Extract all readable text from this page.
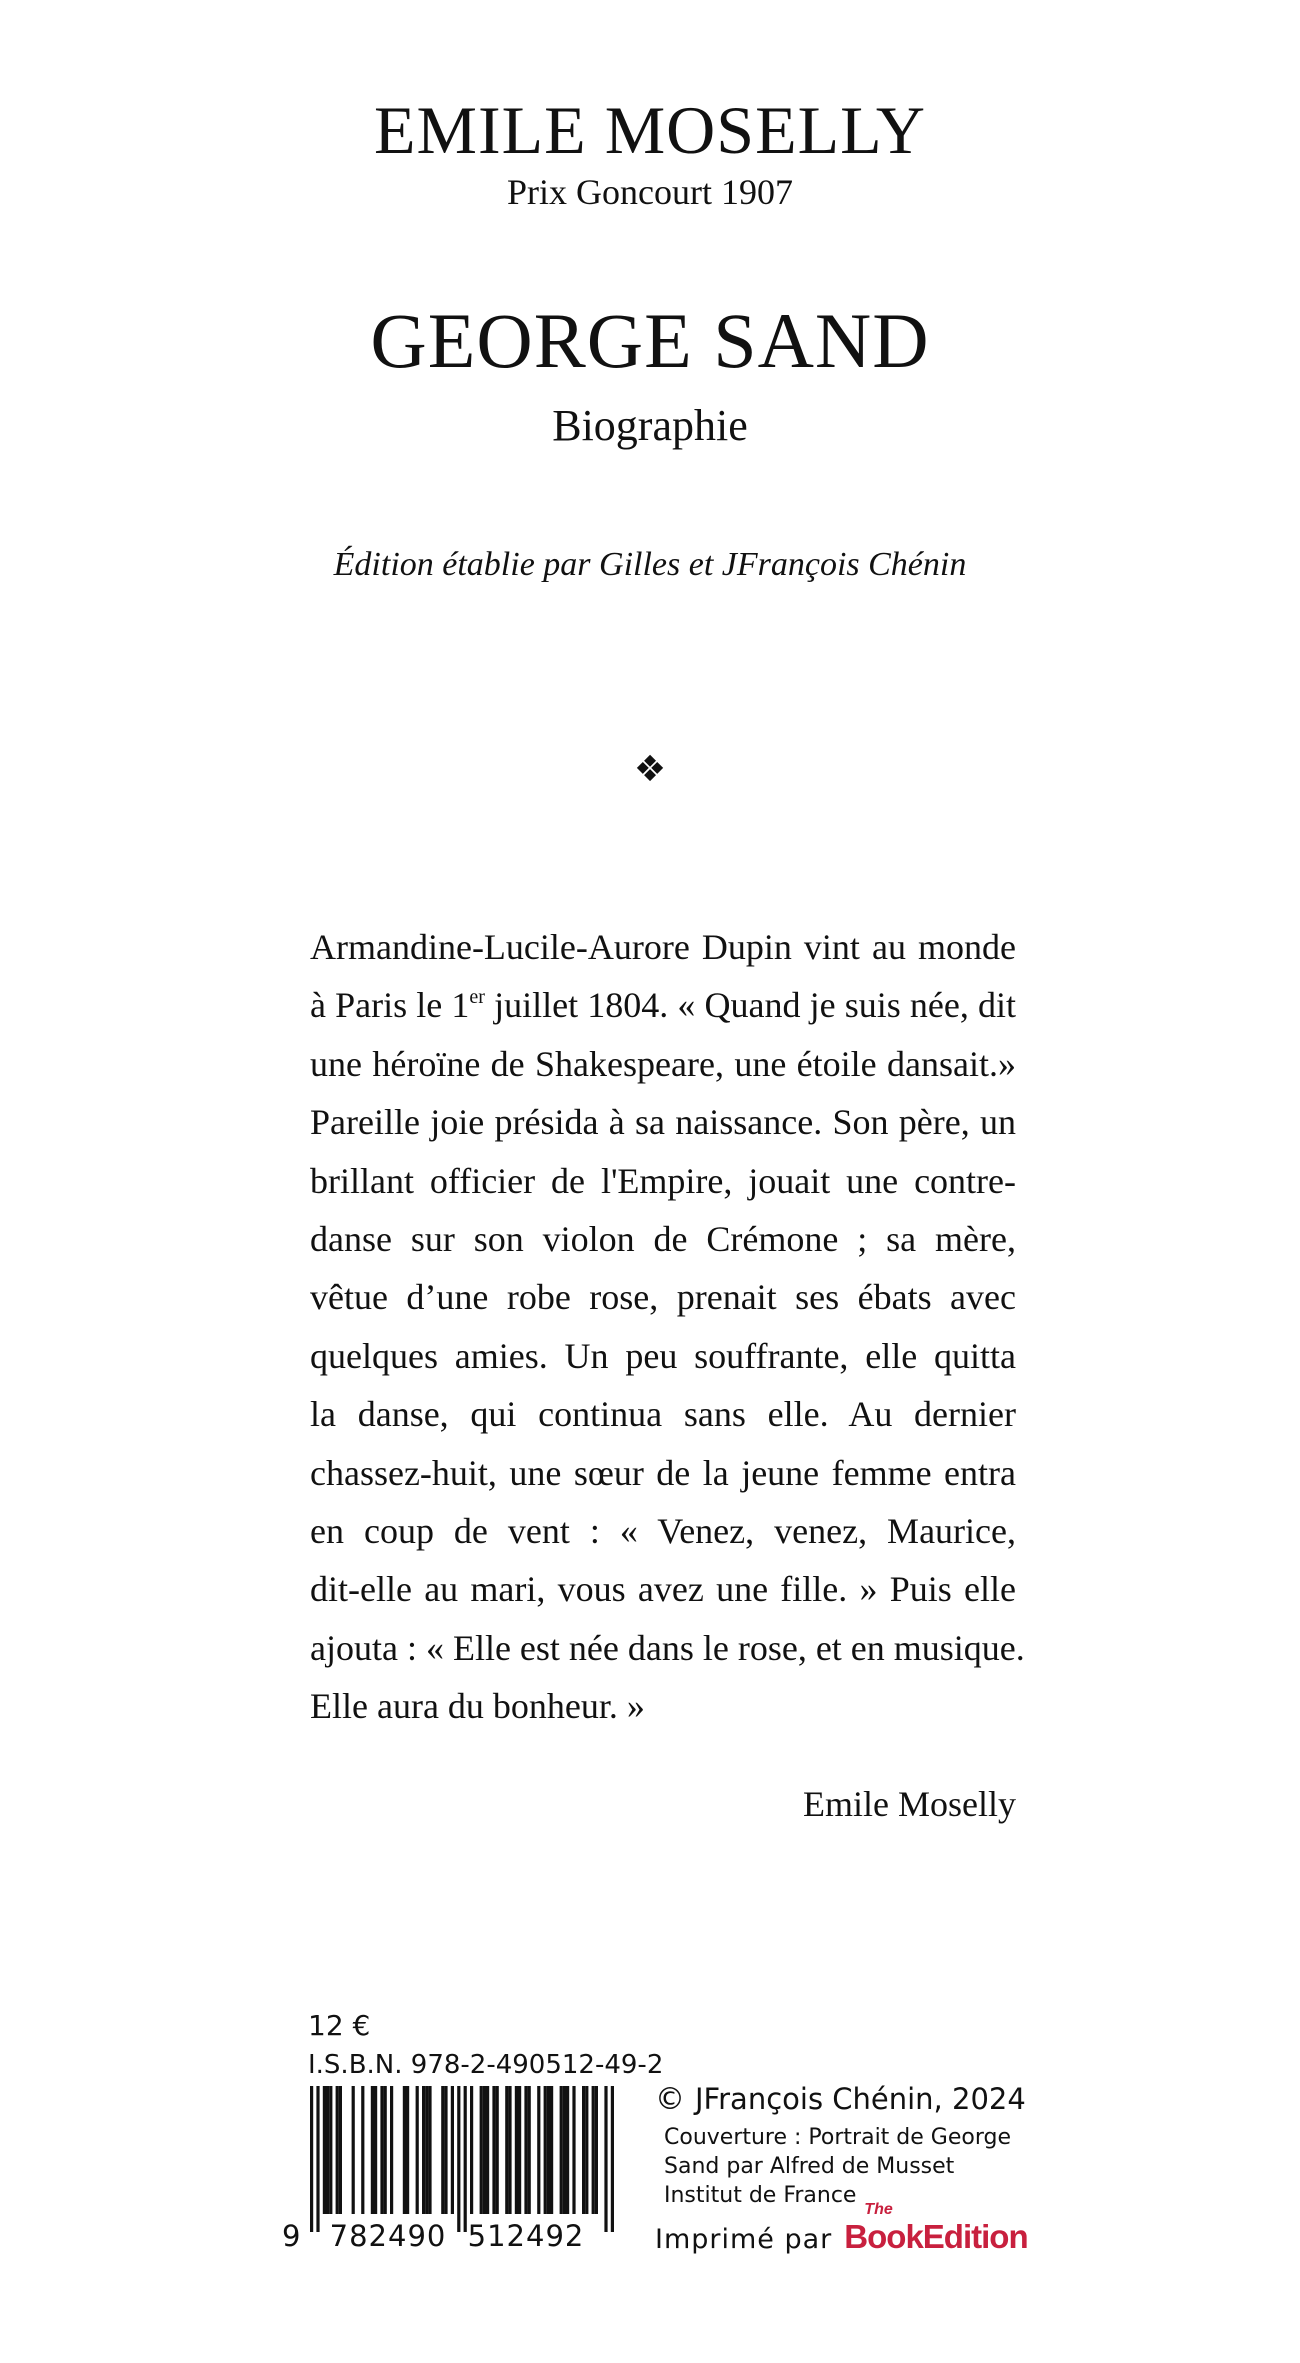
EMILE MOSELLY
Prix Goncourt 1907
GEORGE SAND
Biographie
Édition établie par Gilles et JFrançois Chénin
❖
Armandine-Lucile-Aurore Dupin vint au monde
à Paris le 1er juillet 1804. « Quand je suis née, dit
une héroïne de Shakespeare, une étoile dansait.»
Pareille joie présida à sa naissance. Son père, un
brillant officier de l'Empire, jouait une contre-
danse sur son violon de Crémone ; sa mère,
vêtue d’une robe rose, prenait ses ébats avec
quelques amies. Un peu souffrante, elle quitta
la danse, qui continua sans elle. Au dernier
chassez-huit, une sœur de la jeune femme entra
en coup de vent : « Venez, venez, Maurice,
dit-elle au mari, vous avez une fille. » Puis elle
ajouta : « Elle est née dans le rose, et en musique.
Elle aura du bonheur. »
Emile Moselly
12 €
I.S.B.N. 978-2-490512-49-2
9 782490 512492
© JFrançois Chénin, 2024
Couverture : Portrait de George
Sand par Alfred de Musset
Institut de France
Imprimé par
The
BookEdition
